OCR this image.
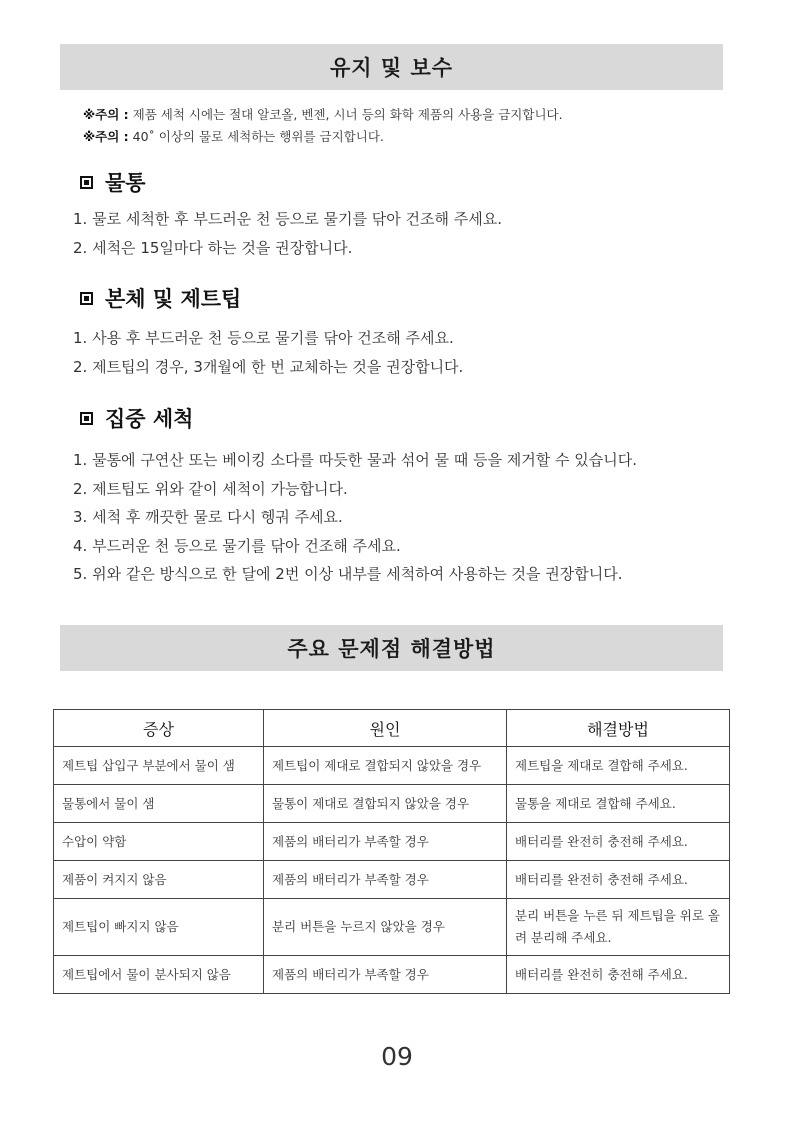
유지 및 보수
※주의 : 제품 세척 시에는 절대 알코올, 벤젠, 시너 등의 화학 제품의 사용을 금지합니다.
※주의 : 40˚ 이상의 물로 세척하는 행위를 금지합니다.
물통
1. 물로 세척한 후 부드러운 천 등으로 물기를 닦아 건조해 주세요.
2. 세척은 15일마다 하는 것을 권장합니다.
본체 및 제트팁
1. 사용 후 부드러운 천 등으로 물기를 닦아 건조해 주세요.
2. 제트팁의 경우, 3개월에 한 번 교체하는 것을 권장합니다.
집중 세척
1. 물통에 구연산 또는 베이킹 소다를 따듯한 물과 섞어 물 때 등을 제거할 수 있습니다.
2. 제트팁도 위와 같이 세척이 가능합니다.
3. 세척 후 깨끗한 물로 다시 헹궈 주세요.
4. 부드러운 천 등으로 물기를 닦아 건조해 주세요.
5. 위와 같은 방식으로 한 달에 2번 이상 내부를 세척하여 사용하는 것을 권장합니다.
주요 문제점 해결방법
증상	원인	해결방법
제트팁 삽입구 부분에서 물이 샘	제트팁이 제대로 결합되지 않았을 경우	제트팁을 제대로 결합해 주세요.
물통에서 물이 샘	물통이 제대로 결합되지 않았을 경우	물통을 제대로 결합해 주세요.
수압이 약함	제품의 배터리가 부족할 경우	배터리를 완전히 충전해 주세요.
제품이 켜지지 않음	제품의 배터리가 부족할 경우	배터리를 완전히 충전해 주세요.
제트팁이 빠지지 않음	분리 버튼을 누르지 않았을 경우	분리 버튼을 누른 뒤 제트팁을 위로 올려 분리해 주세요.
제트팁에서 물이 분사되지 않음	제품의 배터리가 부족할 경우	배터리를 완전히 충전해 주세요.
09
